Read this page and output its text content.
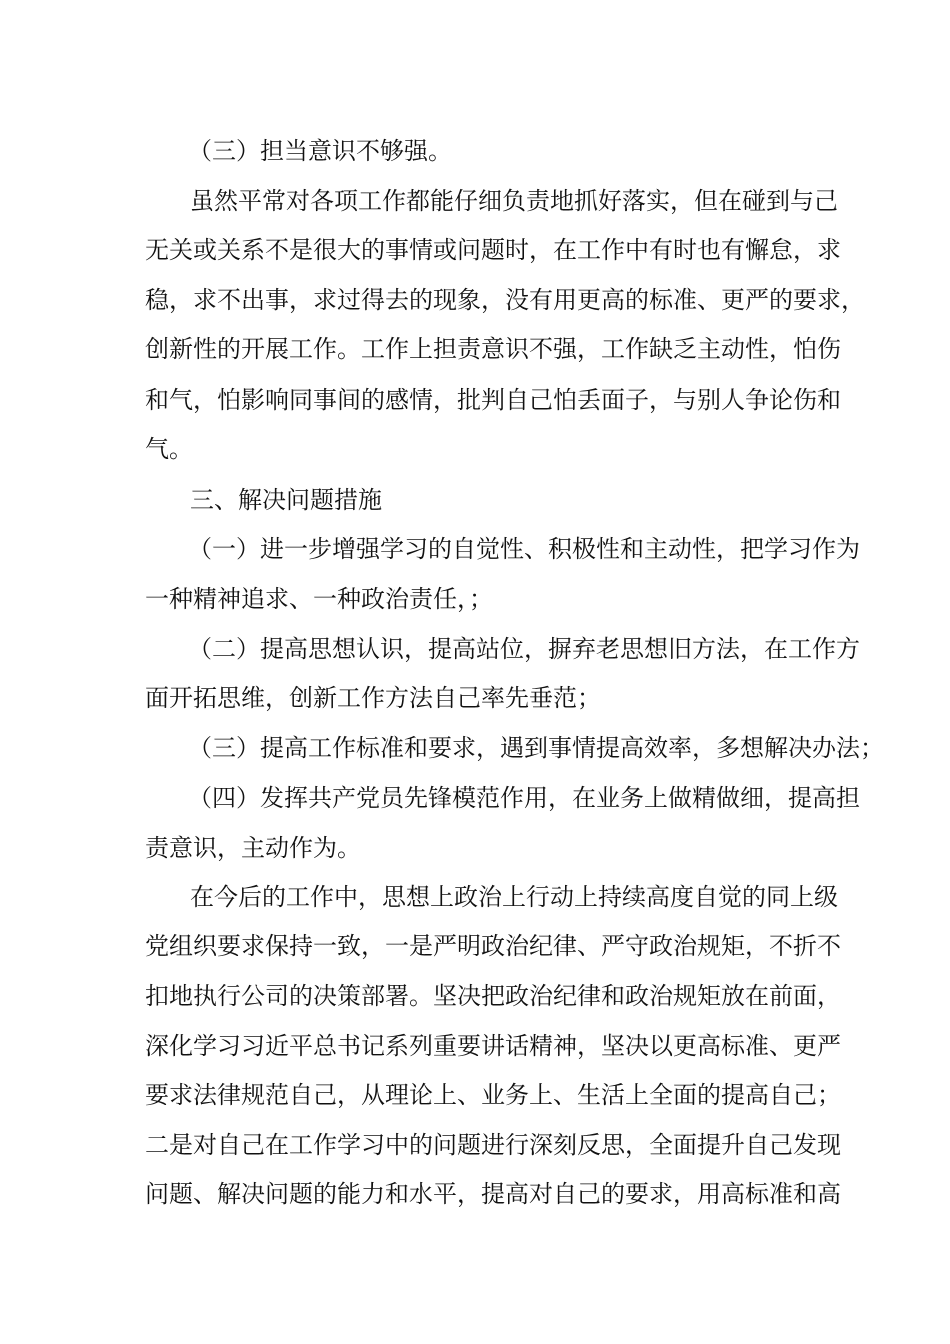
（三）担当意识不够强。
虽然平常对各项工作都能仔细负责地抓好落实，但在碰到与己
无关或关系不是很大的事情或问题时，在工作中有时也有懈怠，求
稳，求不出事，求过得去的现象，没有用更高的标准、更严的要求，
创新性的开展工作。工作上担责意识不强，工作缺乏主动性，怕伤
和气，怕影响同事间的感情，批判自己怕丢面子，与别人争论伤和
气。
三、解决问题措施
（一）进一步增强学习的自觉性、积极性和主动性，把学习作为
一种精神追求、一种政治责任，；
（二）提高思想认识，提高站位，摒弃老思想旧方法，在工作方
面开拓思维，创新工作方法自己率先垂范；
（三）提高工作标准和要求，遇到事情提高效率，多想解决办法；
（四）发挥共产党员先锋模范作用，在业务上做精做细，提高担
责意识，主动作为。
在今后的工作中，思想上政治上行动上持续高度自觉的同上级
党组织要求保持一致，一是严明政治纪律、严守政治规矩，不折不
扣地执行公司的决策部署。坚决把政治纪律和政治规矩放在前面，
深化学习习近平总书记系列重要讲话精神，坚决以更高标准、更严
要求法律规范自己，从理论上、业务上、生活上全面的提高自己；
二是对自己在工作学习中的问题进行深刻反思，全面提升自己发现
问题、解决问题的能力和水平，提高对自己的要求，用高标准和高
